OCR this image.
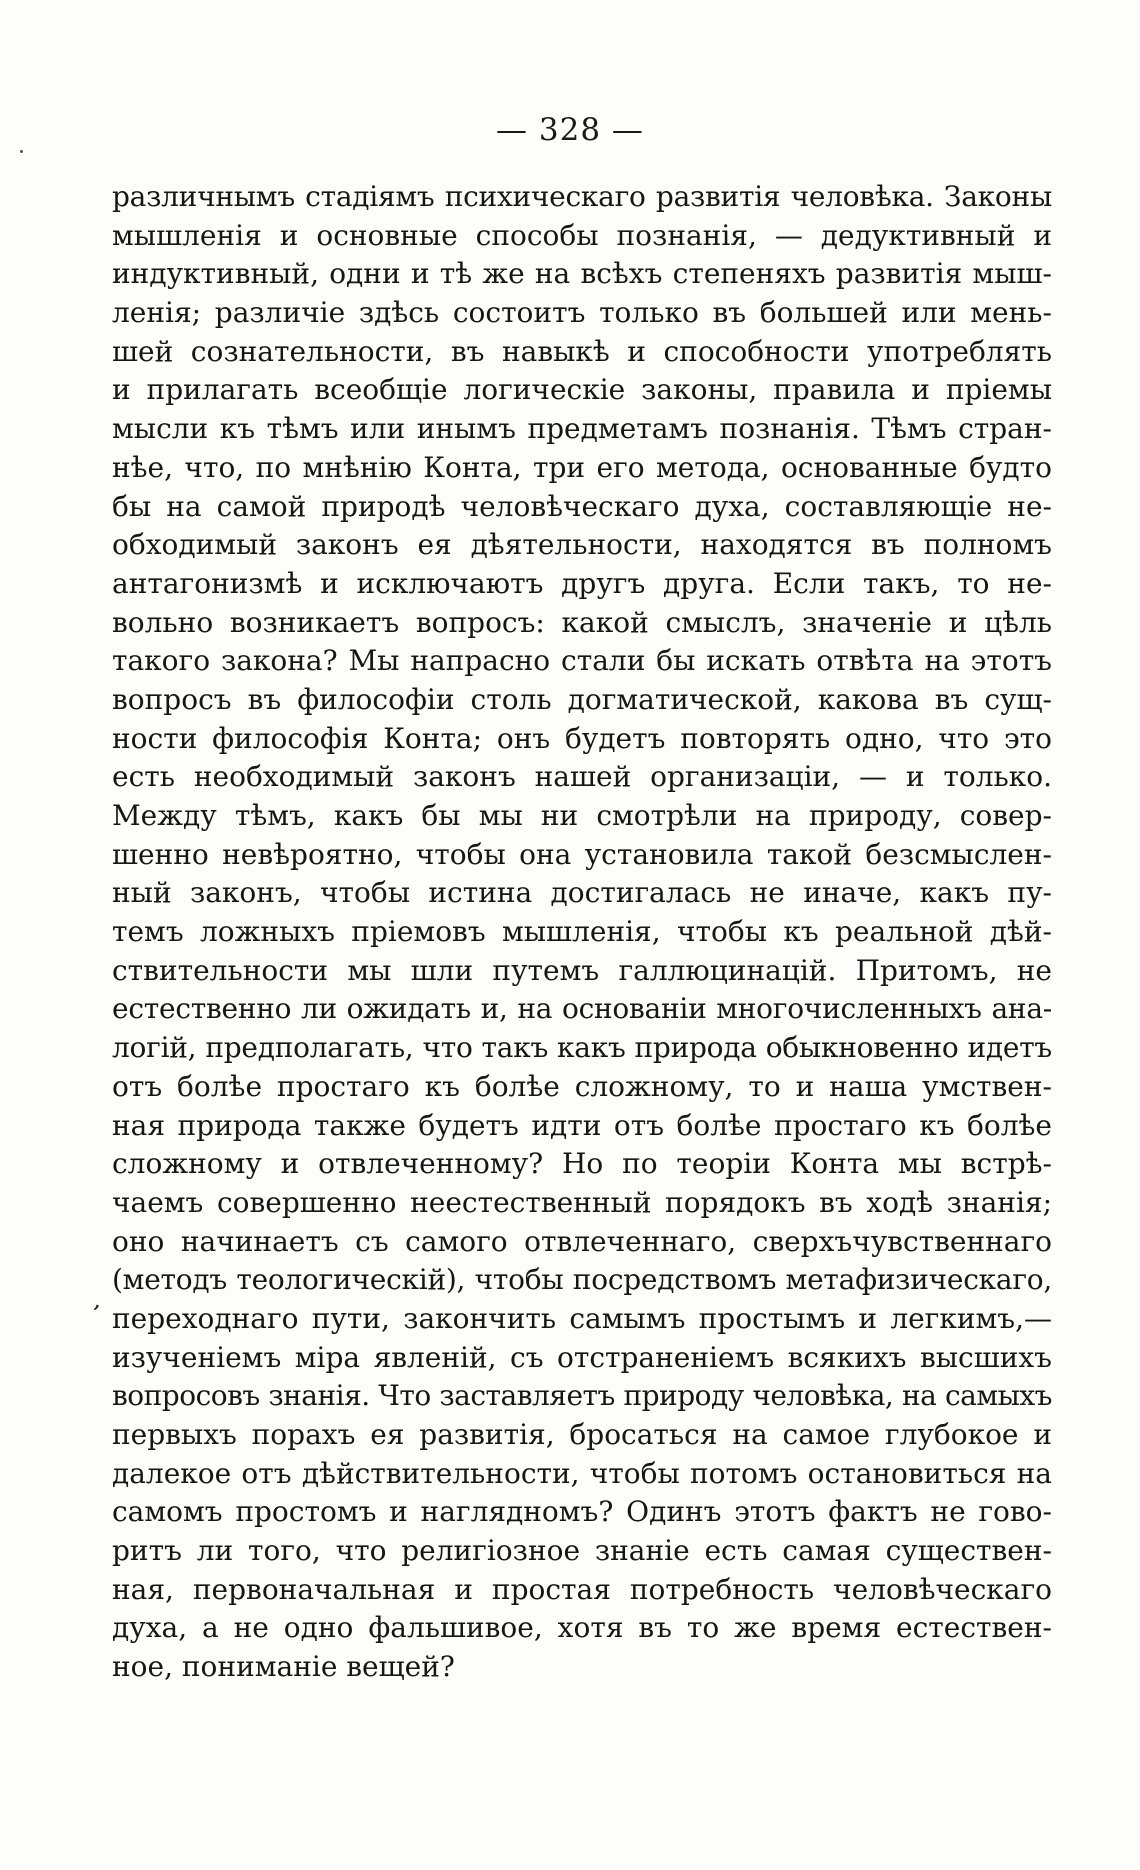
— 328 —
ʼ
различнымъ стадіямъ психическаго развитія человѣка. Законы
мышленія и основные способы познанія, — дедуктивный и
индуктивный, одни и тѣ же на всѣхъ степеняхъ развитія мыш-
ленія; различіе здѣсь состоитъ только въ большей или мень-
шей сознательности, въ навыкѣ и способности употреблять
и прилагать всеобщіе логическіе законы, правила и пріемы
мысли къ тѣмъ или инымъ предметамъ познанія. Тѣмъ стран-
нѣе, что, по мнѣнію Конта, три его метода, основанные будто
бы на самой природѣ человѣческаго духа, составляющіе не-
обходимый законъ ея дѣятельности, находятся въ полномъ
антагонизмѣ и исключаютъ другъ друга. Если такъ, то не-
вольно возникаетъ вопросъ: какой смыслъ, значеніе и цѣль
такого закона? Мы напрасно стали бы искать отвѣта на этотъ
вопросъ въ философіи столь догматической, какова въ сущ-
ности философія Конта; онъ будетъ повторять одно, что это
есть необходимый законъ нашей организаціи, — и только.
Между тѣмъ, какъ бы мы ни смотрѣли на природу, совер-
шенно невѣроятно, чтобы она установила такой безсмыслен-
ный законъ, чтобы истина достигалась не иначе, какъ пу-
темъ ложныхъ пріемовъ мышленія, чтобы къ реальной дѣй-
ствительности мы шли путемъ галлюцинацій. Притомъ, не
естественно ли ожидать и, на основаніи многочисленныхъ ана-
логій, предполагать, что такъ какъ природа обыкновенно идетъ
отъ болѣе простаго къ болѣе сложному, то и наша умствен-
ная природа также будетъ идти отъ болѣе простаго къ болѣе
сложному и отвлеченному? Но по теоріи Конта мы встрѣ-
чаемъ совершенно неестественный порядокъ въ ходѣ знанія;
оно начинаетъ съ самого отвлеченнаго, сверхъчувственнаго
(методъ теологическій), чтобы посредствомъ метафизическаго,
переходнаго пути, закончить самымъ простымъ и легкимъ,—
изученіемъ міра явленій, съ отстраненіемъ всякихъ высшихъ
вопросовъ знанія. Что заставляетъ природу человѣка, на самыхъ
первыхъ порахъ ея развитія, бросаться на самое глубокое и
далекое отъ дѣйствительности, чтобы потомъ остановиться на
самомъ простомъ и наглядномъ? Одинъ этотъ фактъ не гово-
ритъ ли того, что религіозное знаніе есть самая существен-
ная, первоначальная и простая потребность человѣческаго
духа, а не одно фальшивое, хотя въ то же время естествен-
ное, пониманіе вещей?
